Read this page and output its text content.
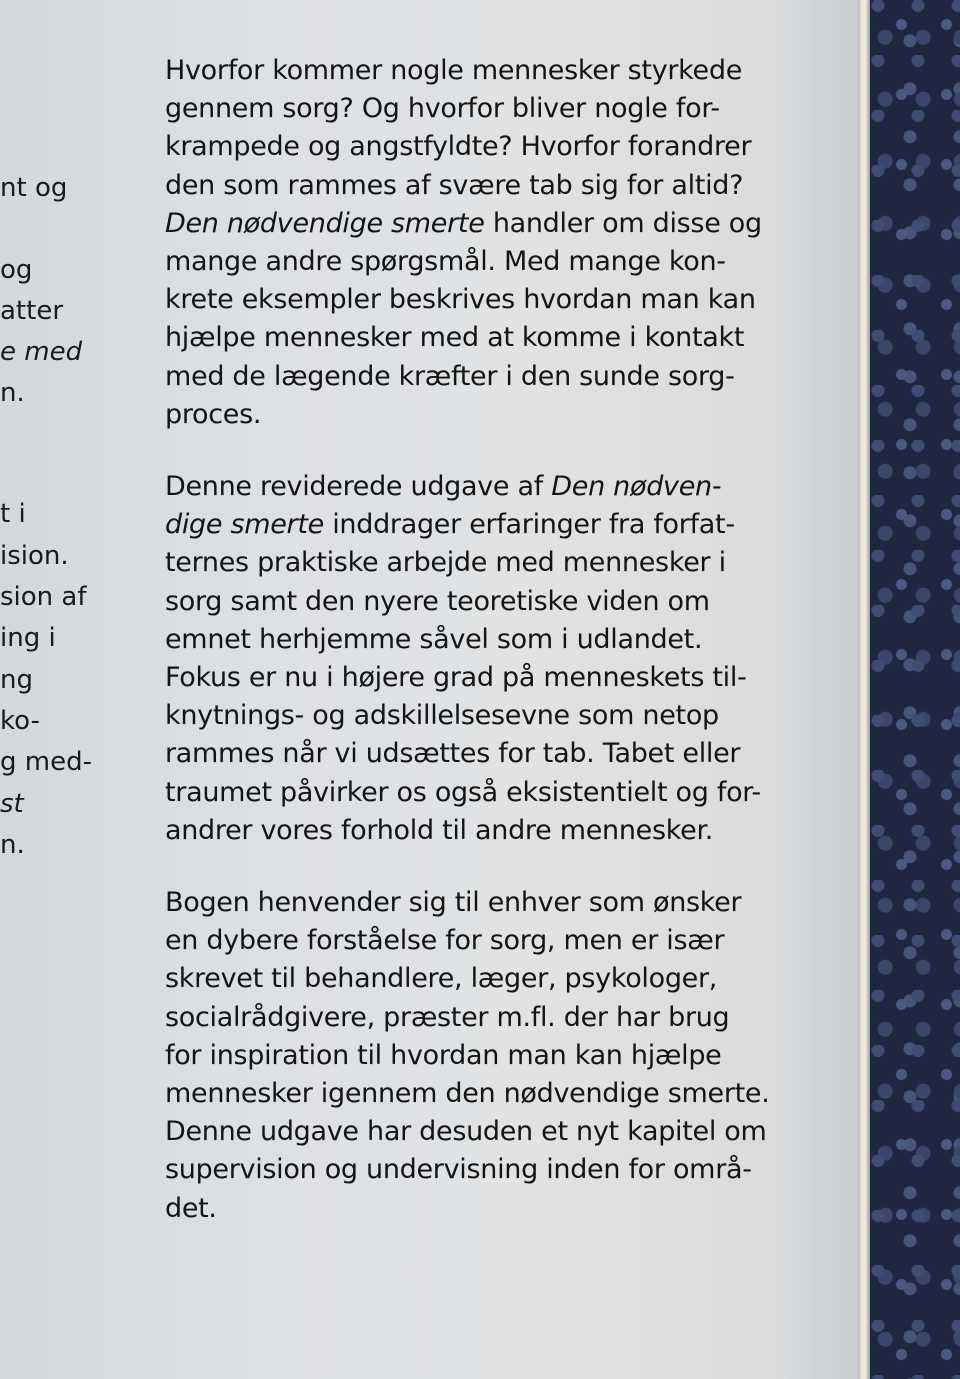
nt og
og
atter
e med
n.
t i
ision.
sion af
ing i
ng
ko-
g med-
st
n.

Hvorfor kommer nogle mennesker styrkede
gennem sorg? Og hvorfor bliver nogle for-
krampede og angstfyldte? Hvorfor forandrer
den som rammes af svære tab sig for altid?
Den nødvendige smerte handler om disse og
mange andre spørgsmål. Med mange kon-
krete eksempler beskrives hvordan man kan
hjælpe mennesker med at komme i kontakt
med de lægende kræfter i den sunde sorg-
proces.

Denne reviderede udgave af Den nødven-
dige smerte inddrager erfaringer fra forfat-
ternes praktiske arbejde med mennesker i
sorg samt den nyere teoretiske viden om
emnet herhjemme såvel som i udlandet.
Fokus er nu i højere grad på menneskets til-
knytnings- og adskillelsesevne som netop
rammes når vi udsættes for tab. Tabet eller
traumet påvirker os også eksistentielt og for-
andrer vores forhold til andre mennesker.

Bogen henvender sig til enhver som ønsker
en dybere forståelse for sorg, men er især
skrevet til behandlere, læger, psykologer,
socialrådgivere, præster m.fl. der har brug
for inspiration til hvordan man kan hjælpe
mennesker igennem den nødvendige smerte.
Denne udgave har desuden et nyt kapitel om
supervision og undervisning inden for områ-
det.
